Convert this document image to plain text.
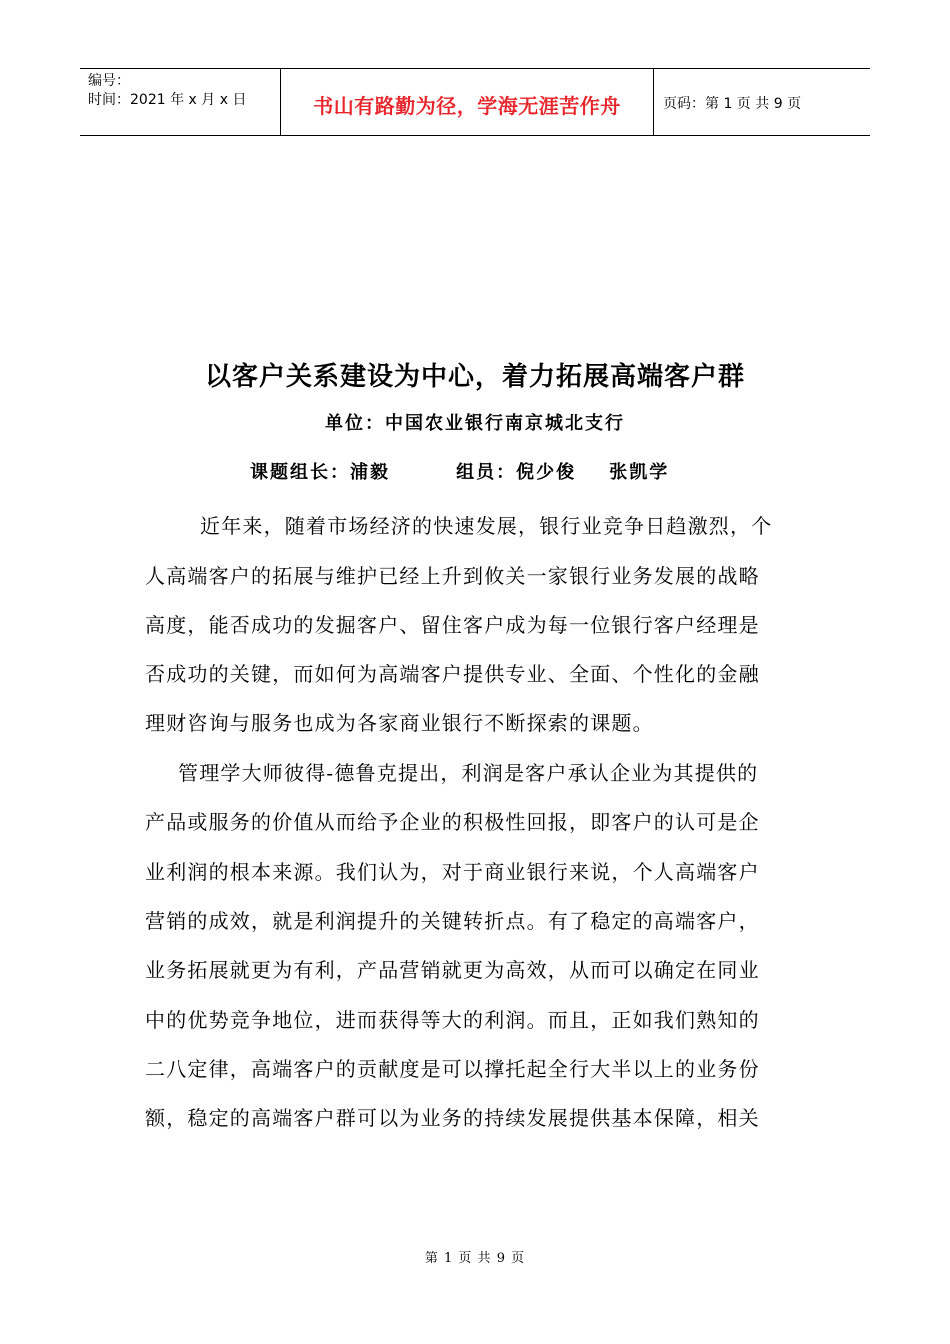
编号：
时间：2021 年 x 月 x 日	书山有路勤为径，学海无涯苦作舟	页码：第 1 页 共 9 页
以客户关系建设为中心，着力拓展高端客户群
单位：中国农业银行南京城北支行
课题组长：浦毅        组员：倪少俊    张凯学
近年来，随着市场经济的快速发展，银行业竞争日趋激烈，个
人高端客户的拓展与维护已经上升到攸关一家银行业务发展的战略
高度，能否成功的发掘客户、留住客户成为每一位银行客户经理是
否成功的关键，而如何为高端客户提供专业、全面、个性化的金融
理财咨询与服务也成为各家商业银行不断探索的课题。
管理学大师彼得-德鲁克提出，利润是客户承认企业为其提供的
产品或服务的价值从而给予企业的积极性回报，即客户的认可是企
业利润的根本来源。我们认为，对于商业银行来说，个人高端客户
营销的成效，就是利润提升的关键转折点。有了稳定的高端客户，
业务拓展就更为有利，产品营销就更为高效，从而可以确定在同业
中的优势竞争地位，进而获得等大的利润。而且，正如我们熟知的
二八定律，高端客户的贡献度是可以撑托起全行大半以上的业务份
额，稳定的高端客户群可以为业务的持续发展提供基本保障，相关
第 1 页 共 9 页
